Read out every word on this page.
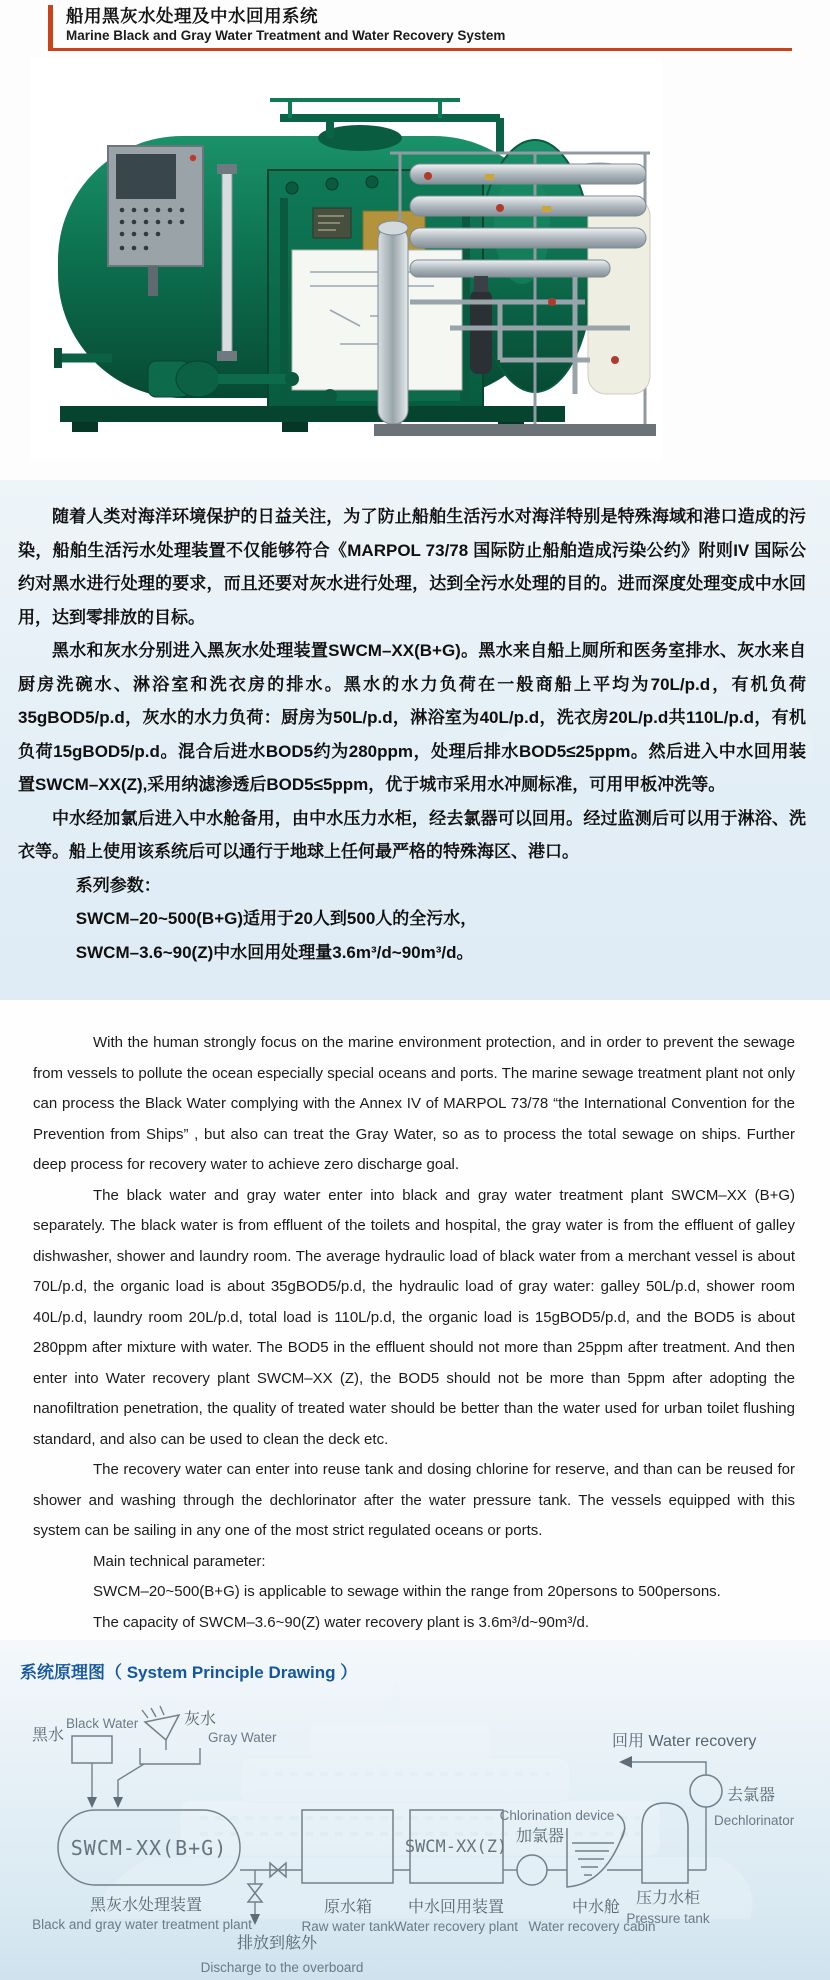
船用黑灰水处理及中水回用系统
Marine Black and Gray Water Treatment and Water Recovery System

随着人类对海洋环境保护的日益关注，为了防止船舶生活污水对海洋特别是特殊海域和港口造成的污染，船舶生活污水处理装置不仅能够符合《MARPOL 73/78 国际防止船舶造成污染公约》附则IV 国际公约对黑水进行处理的要求，而且还要对灰水进行处理，达到全污水处理的目的。进而深度处理变成中水回用，达到零排放的目标。

黑水和灰水分别进入黑灰水处理装置SWCM–XX(B+G)。黑水来自船上厕所和医务室排水、灰水来自厨房洗碗水、淋浴室和洗衣房的排水。黑水的水力负荷在一般商船上平均为70L/p.d，有机负荷35gBOD5/p.d，灰水的水力负荷：厨房为50L/p.d，淋浴室为40L/p.d，洗衣房20L/p.d共110L/p.d，有机负荷15gBOD5/p.d。混合后进水BOD5约为280ppm，处理后排水BOD5≤25ppm。然后进入中水回用装置SWCM–XX(Z),采用纳滤渗透后BOD5≤5ppm，优于城市采用水冲厕标准，可用甲板冲洗等。

中水经加氯后进入中水舱备用，由中水压力水柜，经去氯器可以回用。经过监测后可以用于淋浴、洗衣等。船上使用该系统后可以通行于地球上任何最严格的特殊海区、港口。

系列参数：

SWCM–20~500(B+G)适用于20人到500人的全污水，

SWCM–3.6~90(Z)中水回用处理量3.6m³/d~90m³/d。

With the human strongly focus on the marine environment protection, and in order to prevent the sewage from vessels to pollute the ocean especially special oceans and ports. The marine sewage treatment plant not only can process the Black Water complying with the Annex IV of MARPOL 73/78 “the International Convention for the Prevention from Ships” , but also can treat the Gray Water, so as to process the total sewage on ships. Further deep process for recovery water to achieve zero discharge goal.

The black water and gray water enter into black and gray water treatment plant SWCM–XX (B+G) separately. The black water is from effluent of the toilets and hospital, the gray water is from the effluent of galley dishwasher, shower and laundry room. The average hydraulic load of black water from a merchant vessel is about 70L/p.d, the organic load is about 35gBOD5/p.d, the hydraulic load of gray water: galley 50L/p.d, shower room 40L/p.d, laundry room 20L/p.d, total load is 110L/p.d, the organic load is 15gBOD5/p.d, and the BOD5 is about 280ppm after mixture with water. The BOD5 in the effluent should not more than 25ppm after treatment. And then enter into Water recovery plant SWCM–XX (Z), the BOD5 should not be more than 5ppm after adopting the nanofiltration penetration, the quality of treated water should be better than the water used for urban toilet flushing standard, and also can be used to clean the deck etc.

The recovery water can enter into reuse tank and dosing chlorine for reserve, and than can be reused for shower and washing through the dechlorinator after the water pressure tank. The vessels equipped with this system can be sailing in any one of the most strict regulated oceans or ports.

Main technical parameter:

SWCM–20~500(B+G) is applicable to sewage within the range from 20persons to 500persons.

The capacity of SWCM–3.6~90(Z) water recovery plant is 3.6m³/d~90m³/d.

系统原理图（ System Principle Drawing ）
黑水
Black Water	灰水
Gray Water
SWCM-XX(B+G)
黑灰水处理装置
Black and gray water treatment plant
排放到舷外
Discharge to the overboard
原水箱
Raw water tank
SWCM-XX(Z)
中水回用装置
Water recovery plant
Chlorination device
加氯器
中水舱
Water recovery cabin
压力水柜
Pressure tank
去氯器
Dechlorinator
回用 Water recovery
